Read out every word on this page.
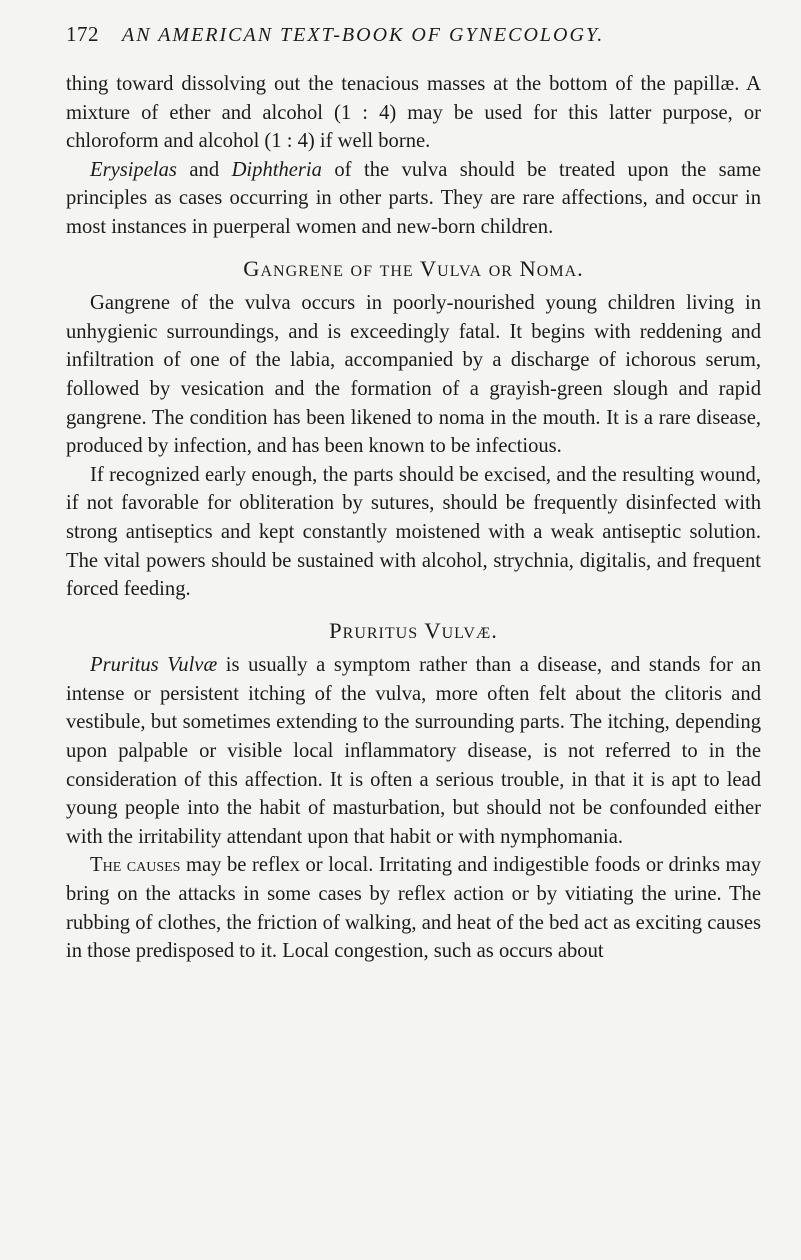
172	AN AMERICAN TEXT-BOOK OF GYNECOLOGY.

thing toward dissolving out the tenacious masses at the bottom of the papillæ. A mixture of ether and alcohol (1 : 4) may be used for this latter purpose, or chloroform and alcohol (1 : 4) if well borne.

Erysipelas and Diphtheria of the vulva should be treated upon the same principles as cases occurring in other parts. They are rare affections, and occur in most instances in puerperal women and new-born children.

Gangrene of the Vulva or Noma.

Gangrene of the vulva occurs in poorly-nourished young children living in unhygienic surroundings, and is exceedingly fatal. It begins with reddening and infiltration of one of the labia, accompanied by a discharge of ichorous serum, followed by vesication and the formation of a grayish-green slough and rapid gangrene. The condition has been likened to noma in the mouth. It is a rare disease, produced by infection, and has been known to be infectious.

If recognized early enough, the parts should be excised, and the resulting wound, if not favorable for obliteration by sutures, should be frequently disinfected with strong antiseptics and kept constantly moistened with a weak antiseptic solution. The vital powers should be sustained with alcohol, strychnia, digitalis, and frequent forced feeding.

Pruritus Vulvæ.

Pruritus Vulvæ is usually a symptom rather than a disease, and stands for an intense or persistent itching of the vulva, more often felt about the clitoris and vestibule, but sometimes extending to the surrounding parts. The itching, depending upon palpable or visible local inflammatory disease, is not referred to in the consideration of this affection. It is often a serious trouble, in that it is apt to lead young people into the habit of masturbation, but should not be confounded either with the irritability attendant upon that habit or with nymphomania.

The causes may be reflex or local. Irritating and indigestible foods or drinks may bring on the attacks in some cases by reflex action or by vitiating the urine. The rubbing of clothes, the friction of walking, and heat of the bed act as exciting causes in those predisposed to it. Local congestion, such as occurs about
